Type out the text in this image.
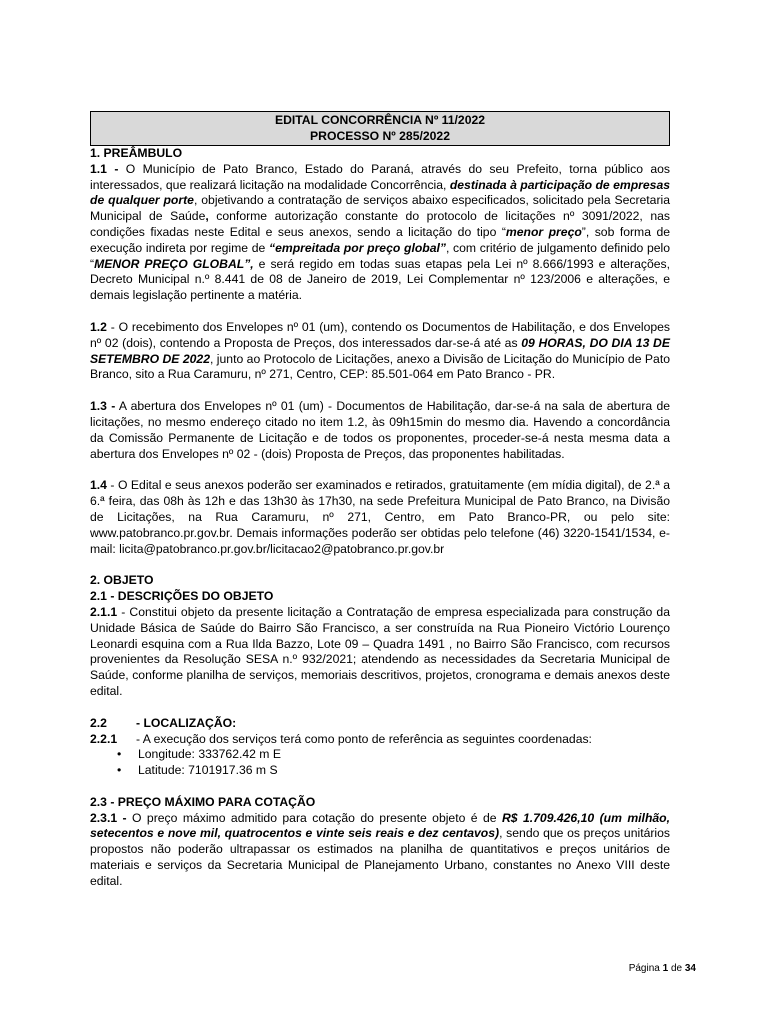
EDITAL CONCORRÊNCIA Nº 11/2022
PROCESSO Nº 285/2022
1. PREÂMBULO

1.1 - O Município de Pato Branco, Estado do Paraná, através do seu Prefeito, torna público aos interessados, que realizará licitação na modalidade Concorrência, destinada à participação de empresas de qualquer porte, objetivando a contratação de serviços abaixo especificados, solicitado pela Secretaria Municipal de Saúde, conforme autorização constante do protocolo de licitações nº 3091/2022, nas condições fixadas neste Edital e seus anexos, sendo a licitação do tipo “menor preço”, sob forma de execução indireta por regime de “empreitada por preço global”, com critério de julgamento definido pelo “MENOR PREÇO GLOBAL”, e será regido em todas suas etapas pela Lei nº 8.666/1993 e alterações, Decreto Municipal n.º 8.441 de 08 de Janeiro de 2019, Lei Complementar nº 123/2006 e alterações, e demais legislação pertinente a matéria.

1.2 - O recebimento dos Envelopes nº 01 (um), contendo os Documentos de Habilitação, e dos Envelopes nº 02 (dois), contendo a Proposta de Preços, dos interessados dar-se-á até as 09 HORAS, DO DIA 13 DE SETEMBRO DE 2022, junto ao Protocolo de Licitações, anexo a Divisão de Licitação do Município de Pato Branco, sito a Rua Caramuru, nº 271, Centro, CEP: 85.501-064 em Pato Branco - PR.

1.3 - A abertura dos Envelopes nº 01 (um) - Documentos de Habilitação, dar-se-á na sala de abertura de licitações, no mesmo endereço citado no item 1.2, às 09h15min do mesmo dia. Havendo a concordância da Comissão Permanente de Licitação e de todos os proponentes, proceder-se-á nesta mesma data a abertura dos Envelopes nº 02 - (dois) Proposta de Preços, das proponentes habilitadas.

1.4 - O Edital e seus anexos poderão ser examinados e retirados, gratuitamente (em mídia digital), de 2.ª a 6.ª feira, das 08h às 12h e das 13h30 às 17h30, na sede Prefeitura Municipal de Pato Branco, na Divisão de Licitações, na Rua Caramuru, nº 271, Centro, em Pato Branco-PR, ou pelo site: www.patobranco.pr.gov.br. Demais informações poderão ser obtidas pelo telefone (46) 3220-1541/1534, e-mail: licita@patobranco.pr.gov.br/licitacao2@patobranco.pr.gov.br

2. OBJETO
2.1 - DESCRIÇÕES DO OBJETO

2.1.1 - Constitui objeto da presente licitação a Contratação de empresa especializada para construção da Unidade Básica de Saúde do Bairro São Francisco, a ser construída na Rua Pioneiro Victório Lourenço Leonardi esquina com a Rua Ilda Bazzo, Lote 09 – Quadra 1491 , no Bairro São Francisco, com recursos provenientes da Resolução SESA n.º 932/2021; atendendo as necessidades da Secretaria Municipal de Saúde, conforme planilha de serviços, memoriais descritivos, projetos, cronograma e demais anexos deste edital.

2.2	- LOCALIZAÇÃO:
2.2.1	- A execução dos serviços terá como ponto de referência as seguintes coordenadas:
• Longitude: 333762.42 m E
• Latitude: 7101917.36 m S
2.3 - PREÇO MÁXIMO PARA COTAÇÃO

2.3.1 - O preço máximo admitido para cotação do presente objeto é de R$ 1.709.426,10 (um milhão, setecentos e nove mil, quatrocentos e vinte seis reais e dez centavos), sendo que os preços unitários propostos não poderão ultrapassar os estimados na planilha de quantitativos e preços unitários de materiais e serviços da Secretaria Municipal de Planejamento Urbano, constantes no Anexo VIII deste edital.

Página 1 de 34
